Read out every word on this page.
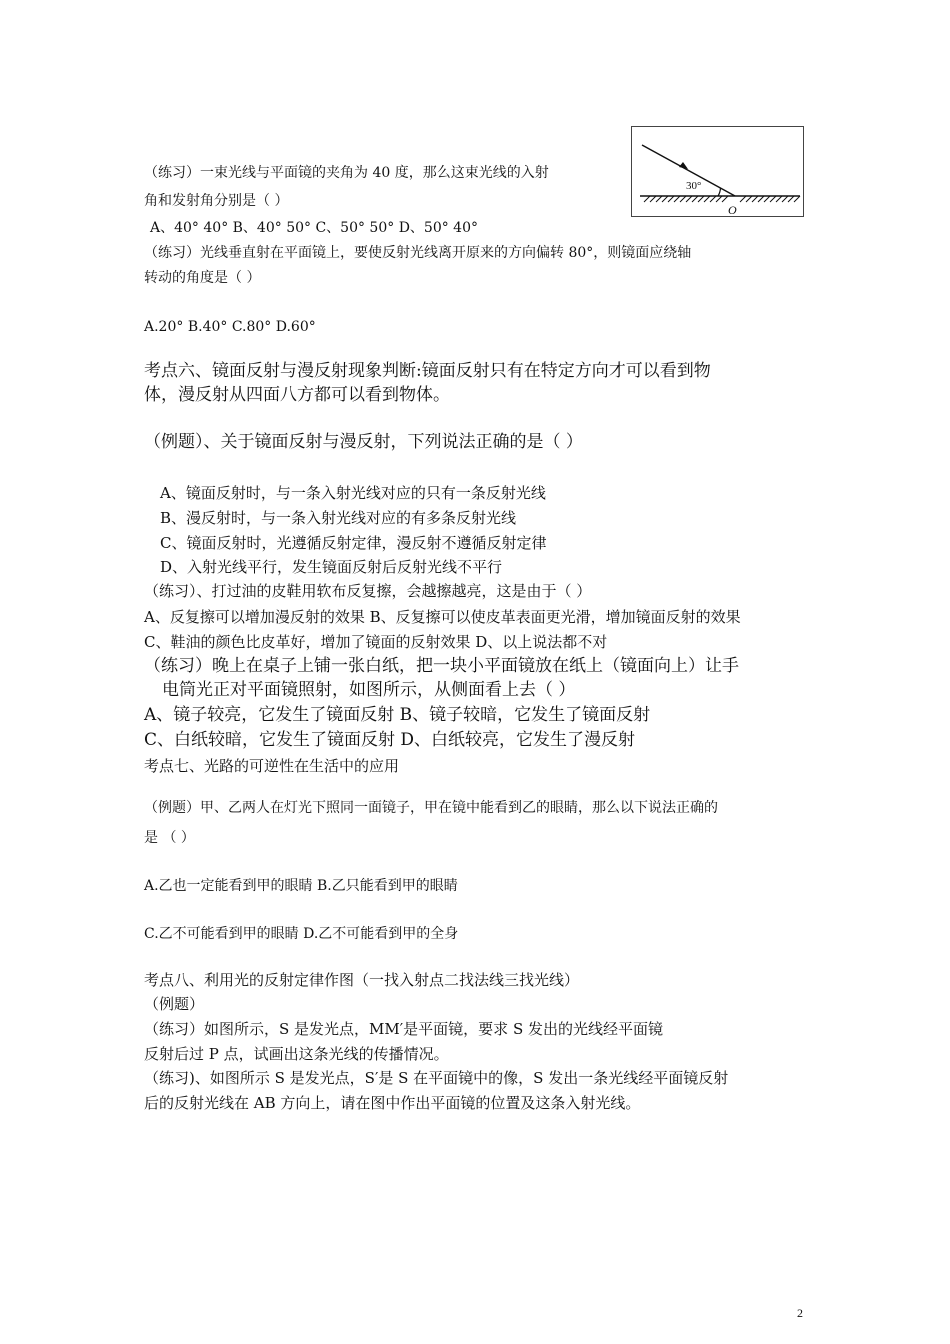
30°
O
（练习）一束光线与平面镜的夹角为 40 度，那么这束光线的入射
角和发射角分别是（ ）
A、40° 40° B、40° 50° C、50° 50° D、50° 40°
（练习）光线垂直射在平面镜上，要使反射光线离开原来的方向偏转 80°，则镜面应绕轴
转动的角度是（ ）
A.20° B.40° C.80° D.60°
考点六、镜面反射与漫反射现象判断:镜面反射只有在特定方向才可以看到物
体，漫反射从四面八方都可以看到物体。
（例题）、关于镜面反射与漫反射，下列说法正确的是（ ）
A、镜面反射时，与一条入射光线对应的只有一条反射光线
B、漫反射时，与一条入射光线对应的有多条反射光线
C、镜面反射时，光遵循反射定律，漫反射不遵循反射定律
D、入射光线平行，发生镜面反射后反射光线不平行
（练习）、打过油的皮鞋用软布反复擦，会越擦越亮，这是由于（ ）
A、反复擦可以增加漫反射的效果 B、反复擦可以使皮革表面更光滑，增加镜面反射的效果
C、鞋油的颜色比皮革好，增加了镜面的反射效果 D、以上说法都不对
（练习）晚上在桌子上铺一张白纸，把一块小平面镜放在纸上（镜面向上）让手
电筒光正对平面镜照射，如图所示，从侧面看上去（ ）
A、镜子较亮，它发生了镜面反射 B、镜子较暗，它发生了镜面反射
C、白纸较暗，它发生了镜面反射 D、白纸较亮，它发生了漫反射
考点七、光路的可逆性在生活中的应用
（例题）甲、乙两人在灯光下照同一面镜子，甲在镜中能看到乙的眼睛，那么以下说法正确的
是 （ ）
A.乙也一定能看到甲的眼睛 B.乙只能看到甲的眼睛
C.乙不可能看到甲的眼睛 D.乙不可能看到甲的全身
考点八、利用光的反射定律作图（一找入射点二找法线三找光线）
（例题）
（练习）如图所示，S 是发光点，MM′是平面镜，要求 S 发出的光线经平面镜
反射后过 P 点，试画出这条光线的传播情况。
（练习)、如图所示 S 是发光点，S′是 S 在平面镜中的像，S 发出一条光线经平面镜反射
后的反射光线在 AB 方向上，请在图中作出平面镜的位置及这条入射光线。
2
